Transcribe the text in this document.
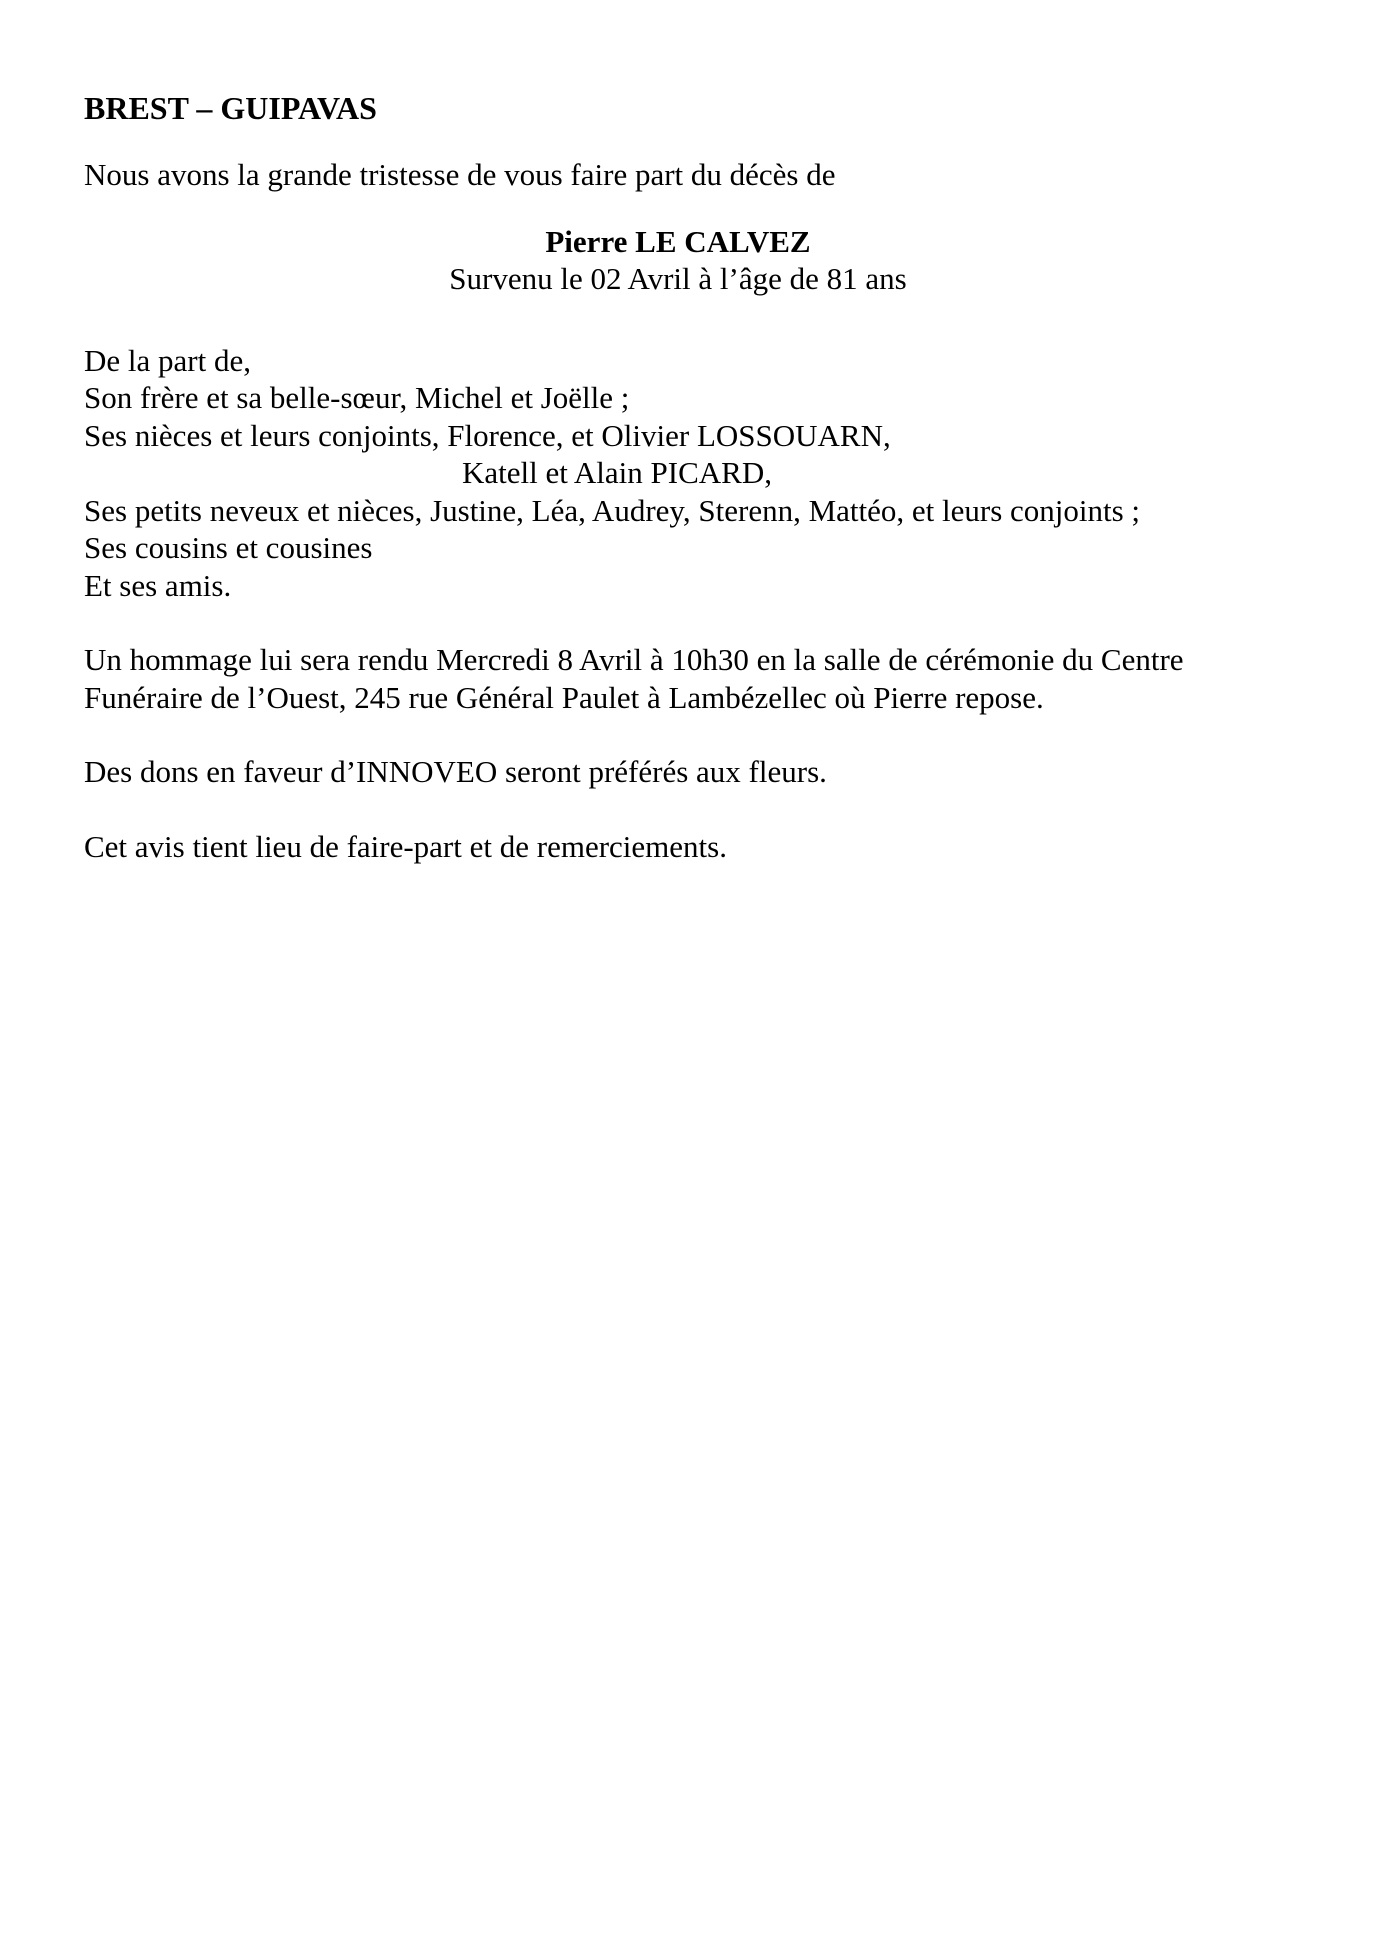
BREST – GUIPAVAS
Nous avons la grande tristesse de vous faire part du décès de
Pierre LE CALVEZ
Survenu le 02 Avril à l’âge de 81 ans
De la part de,
Son frère et sa belle-sœur, Michel et Joëlle ;
Ses nièces et leurs conjoints, Florence, et Olivier LOSSOUARN,
Katell et Alain PICARD,
Ses petits neveux et nièces, Justine, Léa, Audrey, Sterenn, Mattéo, et leurs conjoints ;
Ses cousins et cousines
Et ses amis.
Un hommage lui sera rendu Mercredi 8 Avril à 10h30 en la salle de cérémonie du Centre
Funéraire de l’Ouest, 245 rue Général Paulet à Lambézellec où Pierre repose.
Des dons en faveur d’INNOVEO seront préférés aux fleurs.
Cet avis tient lieu de faire-part et de remerciements.
